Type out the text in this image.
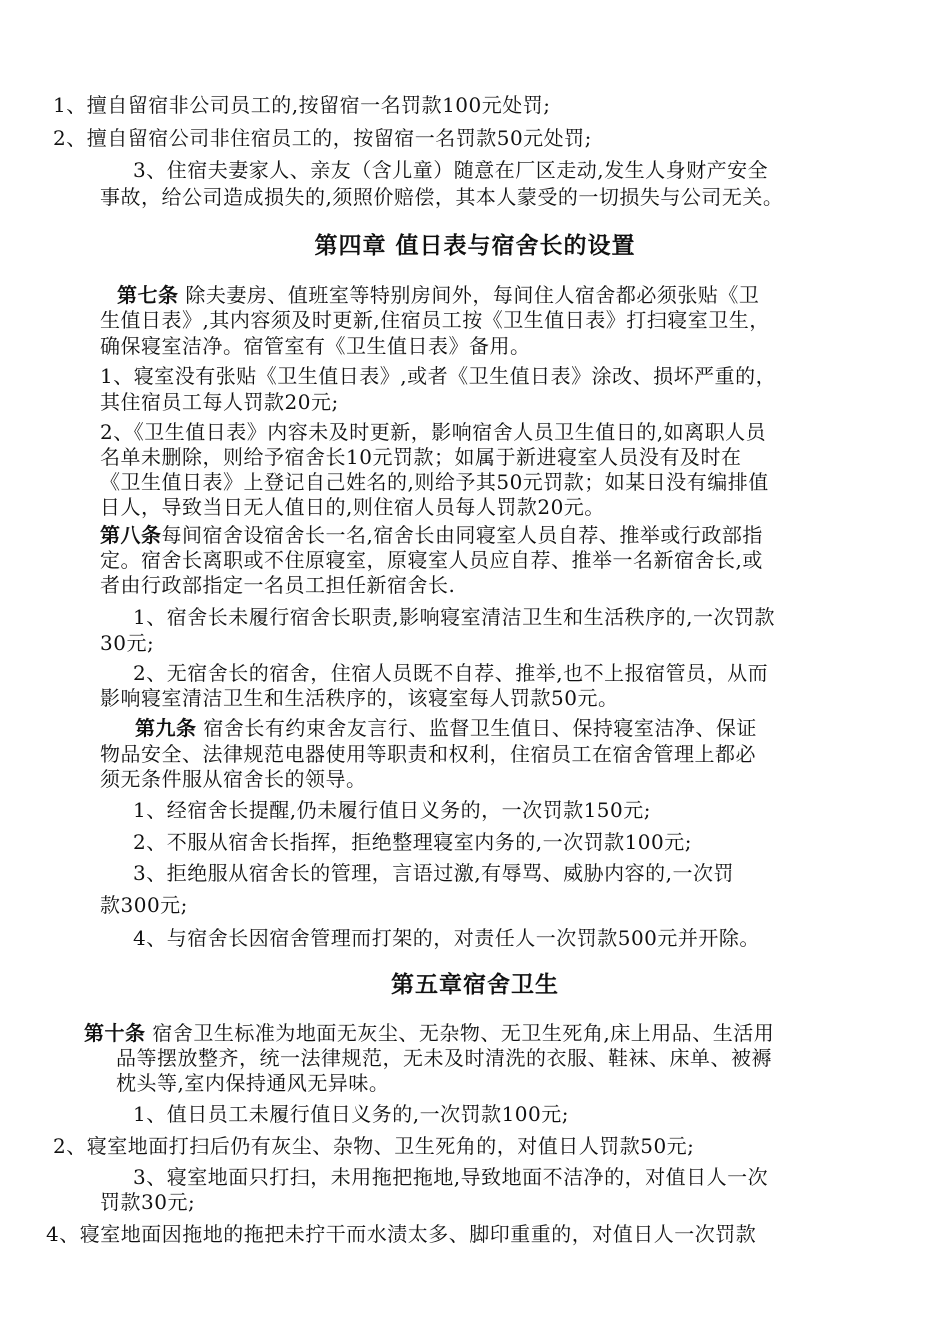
1、擅自留宿非公司员工的,按留宿一名罚款100元处罚;
2、擅自留宿公司非住宿员工的，按留宿一名罚款50元处罚;
3、住宿夫妻家人、亲友（含儿童）随意在厂区走动,发生人身财产安全
事故，给公司造成损失的,须照价赔偿，其本人蒙受的一切损失与公司无关。
第四章 值日表与宿舍长的设置
第七条 除夫妻房、值班室等特别房间外，每间住人宿舍都必须张贴《卫
生值日表》,其内容须及时更新,住宿员工按《卫生值日表》打扫寝室卫生，
确保寝室洁净。宿管室有《卫生值日表》备用。
1、寝室没有张贴《卫生值日表》,或者《卫生值日表》涂改、损坏严重的，
其住宿员工每人罚款20元;
2、《卫生值日表》内容未及时更新，影响宿舍人员卫生值日的,如离职人员
名单未删除，则给予宿舍长10元罚款；如属于新进寝室人员没有及时在
《卫生值日表》上登记自己姓名的,则给予其50元罚款；如某日没有编排值
日人，导致当日无人值日的,则住宿人员每人罚款20元。
第八条每间宿舍设宿舍长一名,宿舍长由同寝室人员自荐、推举或行政部指
定。宿舍长离职或不住原寝室，原寝室人员应自荐、推举一名新宿舍长,或
者由行政部指定一名员工担任新宿舍长.
1、宿舍长未履行宿舍长职责,影响寝室清洁卫生和生活秩序的,一次罚款
30元;
2、无宿舍长的宿舍，住宿人员既不自荐、推举,也不上报宿管员，从而
影响寝室清洁卫生和生活秩序的，该寝室每人罚款50元。
第九条 宿舍长有约束舍友言行、监督卫生值日、保持寝室洁净、保证
物品安全、法律规范电器使用等职责和权利，住宿员工在宿舍管理上都必
须无条件服从宿舍长的领导。
1、经宿舍长提醒,仍未履行值日义务的，一次罚款150元;
2、不服从宿舍长指挥，拒绝整理寝室内务的,一次罚款100元;
3、拒绝服从宿舍长的管理，言语过激,有辱骂、威胁内容的,一次罚
款300元;
4、与宿舍长因宿舍管理而打架的，对责任人一次罚款500元并开除。
第五章宿舍卫生
第十条 宿舍卫生标准为地面无灰尘、无杂物、无卫生死角,床上用品、生活用
品等摆放整齐，统一法律规范，无未及时清洗的衣服、鞋袜、床单、被褥
枕头等,室内保持通风无异味。
1、值日员工未履行值日义务的,一次罚款100元;
2、寝室地面打扫后仍有灰尘、杂物、卫生死角的，对值日人罚款50元;
3、寝室地面只打扫，未用拖把拖地,导致地面不洁净的，对值日人一次
罚款30元;
4、寝室地面因拖地的拖把未拧干而水渍太多、脚印重重的，对值日人一次罚款
